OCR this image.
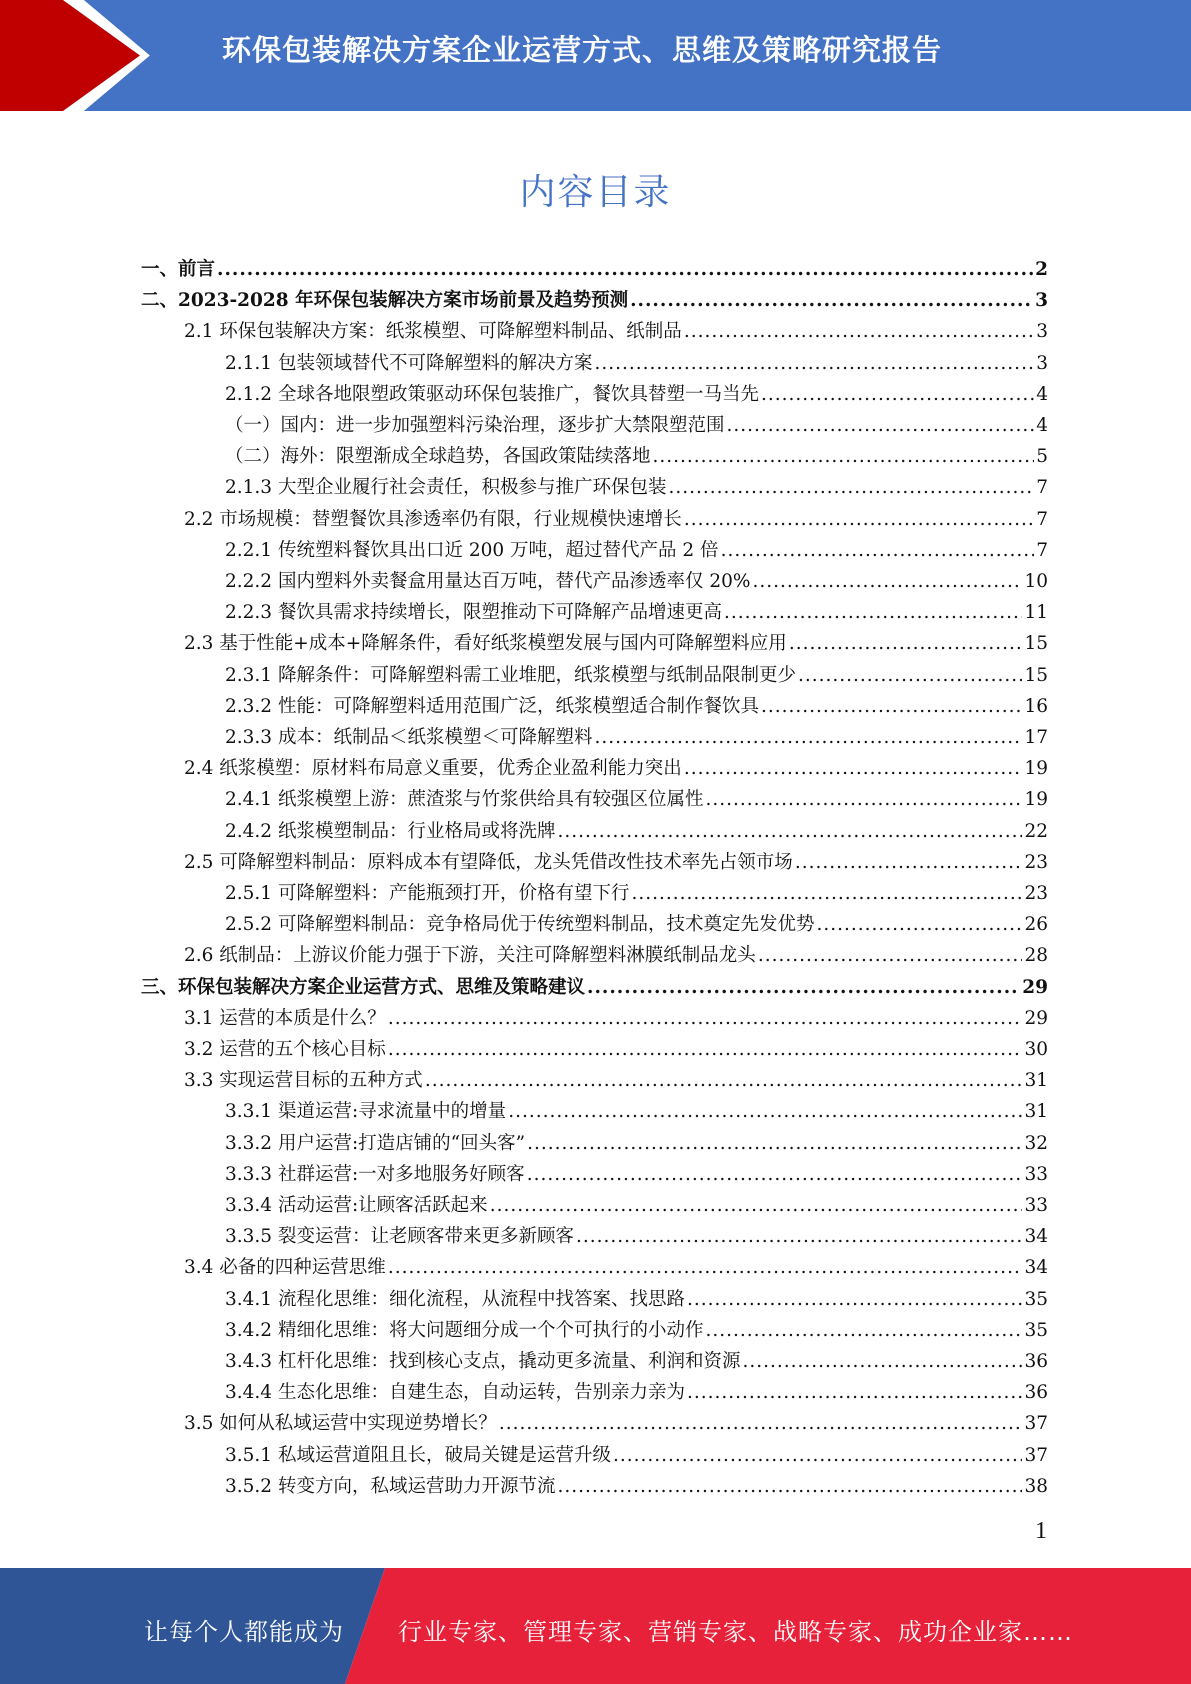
环保包装解决方案企业运营方式、思维及策略研究报告
内容目录
一、前言 .....	2
二、2023-2028 年环保包装解决方案市场前景及趋势预测 .....	3
2.1 环保包装解决方案：纸浆模塑、可降解塑料制品、纸制品 .....	3
2.1.1 包装领域替代不可降解塑料的解决方案 .....	3
2.1.2 全球各地限塑政策驱动环保包装推广，餐饮具替塑一马当先 .....	4
（一）国内：进一步加强塑料污染治理，逐步扩大禁限塑范围 .....	4
（二）海外：限塑渐成全球趋势，各国政策陆续落地 .....	5
2.1.3 大型企业履行社会责任，积极参与推广环保包装 .....	7
2.2 市场规模：替塑餐饮具渗透率仍有限，行业规模快速增长 .....	7
2.2.1 传统塑料餐饮具出口近 200 万吨，超过替代产品 2 倍 .....	7
2.2.2 国内塑料外卖餐盒用量达百万吨，替代产品渗透率仅 20% .....	10
2.2.3 餐饮具需求持续增长，限塑推动下可降解产品增速更高 .....	11
2.3 基于性能+成本+降解条件，看好纸浆模塑发展与国内可降解塑料应用 .....	15
2.3.1 降解条件：可降解塑料需工业堆肥，纸浆模塑与纸制品限制更少 .....	15
2.3.2 性能：可降解塑料适用范围广泛，纸浆模塑适合制作餐饮具 .....	16
2.3.3 成本：纸制品＜纸浆模塑＜可降解塑料 .....	17
2.4 纸浆模塑：原材料布局意义重要，优秀企业盈利能力突出 .....	19
2.4.1 纸浆模塑上游：蔗渣浆与竹浆供给具有较强区位属性 .....	19
2.4.2 纸浆模塑制品：行业格局或将洗牌 .....	22
2.5 可降解塑料制品：原料成本有望降低，龙头凭借改性技术率先占领市场 .....	23
2.5.1 可降解塑料：产能瓶颈打开，价格有望下行 .....	23
2.5.2 可降解塑料制品：竞争格局优于传统塑料制品，技术奠定先发优势 .....	26
2.6 纸制品：上游议价能力强于下游，关注可降解塑料淋膜纸制品龙头 .....	28
三、环保包装解决方案企业运营方式、思维及策略建议 .....	29
3.1 运营的本质是什么？ .....	29
3.2 运营的五个核心目标 .....	30
3.3 实现运营目标的五种方式 .....	31
3.3.1 渠道运营:寻求流量中的增量 .....	31
3.3.2 用户运营:打造店铺的“回头客” .....	32
3.3.3 社群运营:一对多地服务好顾客 .....	33
3.3.4 活动运营:让顾客活跃起来 .....	33
3.3.5 裂变运营：让老顾客带来更多新顾客 .....	34
3.4 必备的四种运营思维 .....	34
3.4.1 流程化思维：细化流程，从流程中找答案、找思路 .....	35
3.4.2 精细化思维：将大问题细分成一个个可执行的小动作 .....	35
3.4.3 杠杆化思维：找到核心支点，撬动更多流量、利润和资源 .....	36
3.4.4 生态化思维：自建生态，自动运转，告别亲力亲为 .....	36
3.5 如何从私域运营中实现逆势增长？ .....	37
3.5.1 私域运营道阻且长，破局关键是运营升级 .....	37
3.5.2 转变方向，私域运营助力开源节流 .....	38
1
让每个人都能成为 行业专家、管理专家、营销专家、战略专家、成功企业家……
